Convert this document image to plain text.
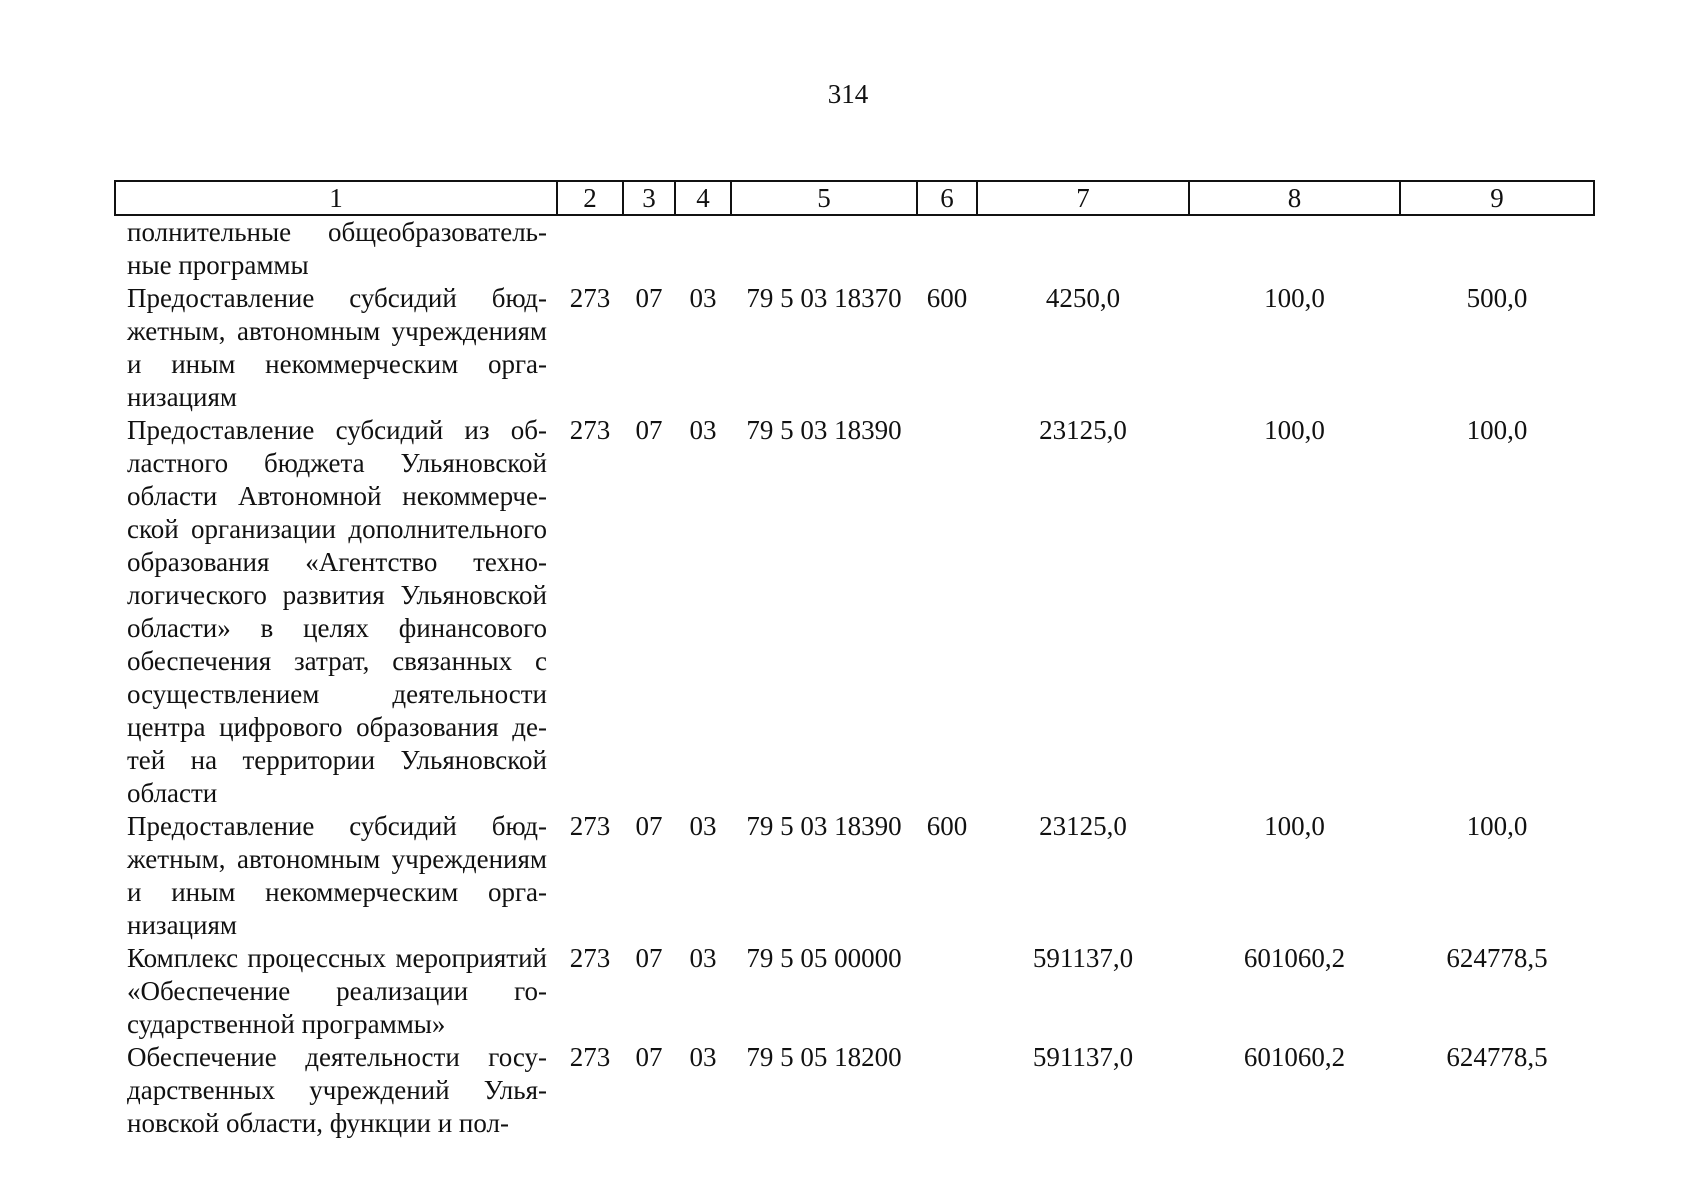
314
1	2	3	4	5	6	7	8	9
полнительные общеобразовательные программы								
Предоставление субсидий бюджетным, автономным учреждениям и иным некоммерческим организациям	273	07	03	79 5 03 18370	600	4250,0	100,0	500,0
Предоставление субсидий из областного бюджета Ульяновской области Автономной некоммерческой организации дополнительного образования «Агентство технологического развития Ульяновской области» в целях финансового обеспечения затрат, связанных с осуществлением деятельности центра цифрового образования детей на территории Ульяновской области	273	07	03	79 5 03 18390		23125,0	100,0	100,0
Предоставление субсидий бюджетным, автономным учреждениям и иным некоммерческим организациям	273	07	03	79 5 03 18390	600	23125,0	100,0	100,0
Комплекс процессных мероприятий «Обеспечение реализации государственной программы»	273	07	03	79 5 05 00000		591137,0	601060,2	624778,5
Обеспечение деятельности государственных учреждений Ульяновской области, функции и пол-	273	07	03	79 5 05 18200		591137,0	601060,2	624778,5
